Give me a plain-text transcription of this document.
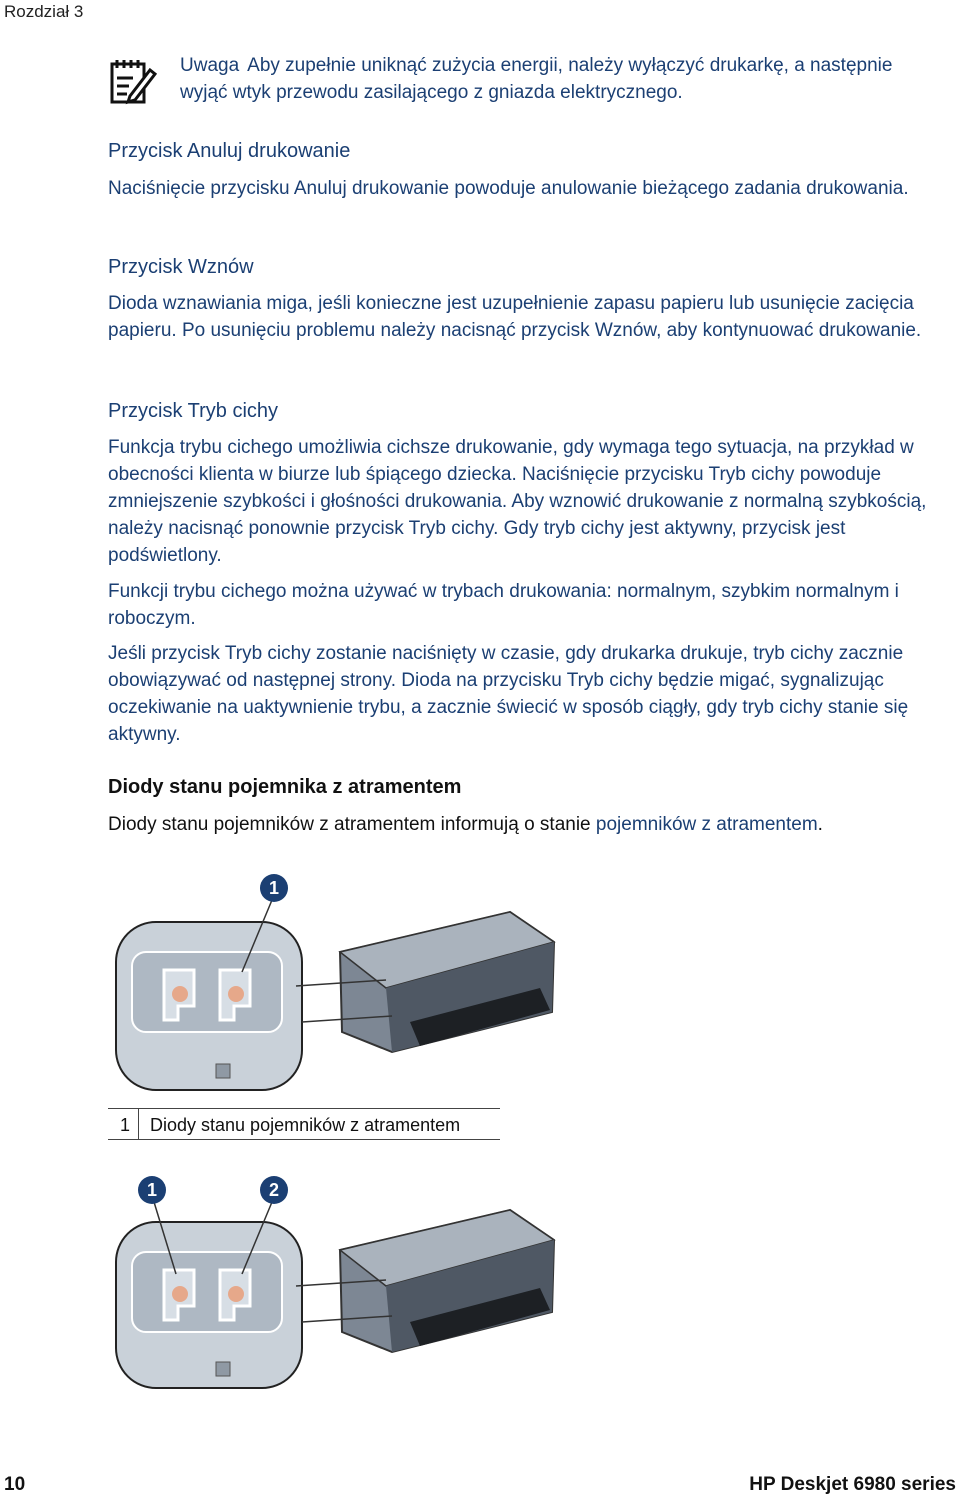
Rozdział 3
Uwaga Aby zupełnie uniknąć zużycia energii, należy wyłączyć drukarkę, a następnie wyjąć wtyk przewodu zasilającego z gniazda elektrycznego.
Przycisk Anuluj drukowanie
Naciśnięcie przycisku Anuluj drukowanie powoduje anulowanie bieżącego zadania drukowania.
Przycisk Wznów
Dioda wznawiania miga, jeśli konieczne jest uzupełnienie zapasu papieru lub usunięcie zacięcia papieru. Po usunięciu problemu należy nacisnąć przycisk Wznów, aby kontynuować drukowanie.
Przycisk Tryb cichy
Funkcja trybu cichego umożliwia cichsze drukowanie, gdy wymaga tego sytuacja, na przykład w obecności klienta w biurze lub śpiącego dziecka. Naciśnięcie przycisku Tryb cichy powoduje zmniejszenie szybkości i głośności drukowania. Aby wznowić drukowanie z normalną szybkością, należy nacisnąć ponownie przycisk Tryb cichy. Gdy tryb cichy jest aktywny, przycisk jest podświetlony.
Funkcji trybu cichego można używać w trybach drukowania: normalnym, szybkim normalnym i roboczym.
Jeśli przycisk Tryb cichy zostanie naciśnięty w czasie, gdy drukarka drukuje, tryb cichy zacznie obowiązywać od następnej strony. Dioda na przycisku Tryb cichy będzie migać, sygnalizując oczekiwanie na uaktywnienie trybu, a zacznie świecić w sposób ciągły, gdy tryb cichy stanie się aktywny.
Diody stanu pojemnika z atramentem
Diody stanu pojemników z atramentem informują o stanie pojemników z atramentem.
1
1 Diody stanu pojemników z atramentem
1	2
10	HP Deskjet 6980 series
